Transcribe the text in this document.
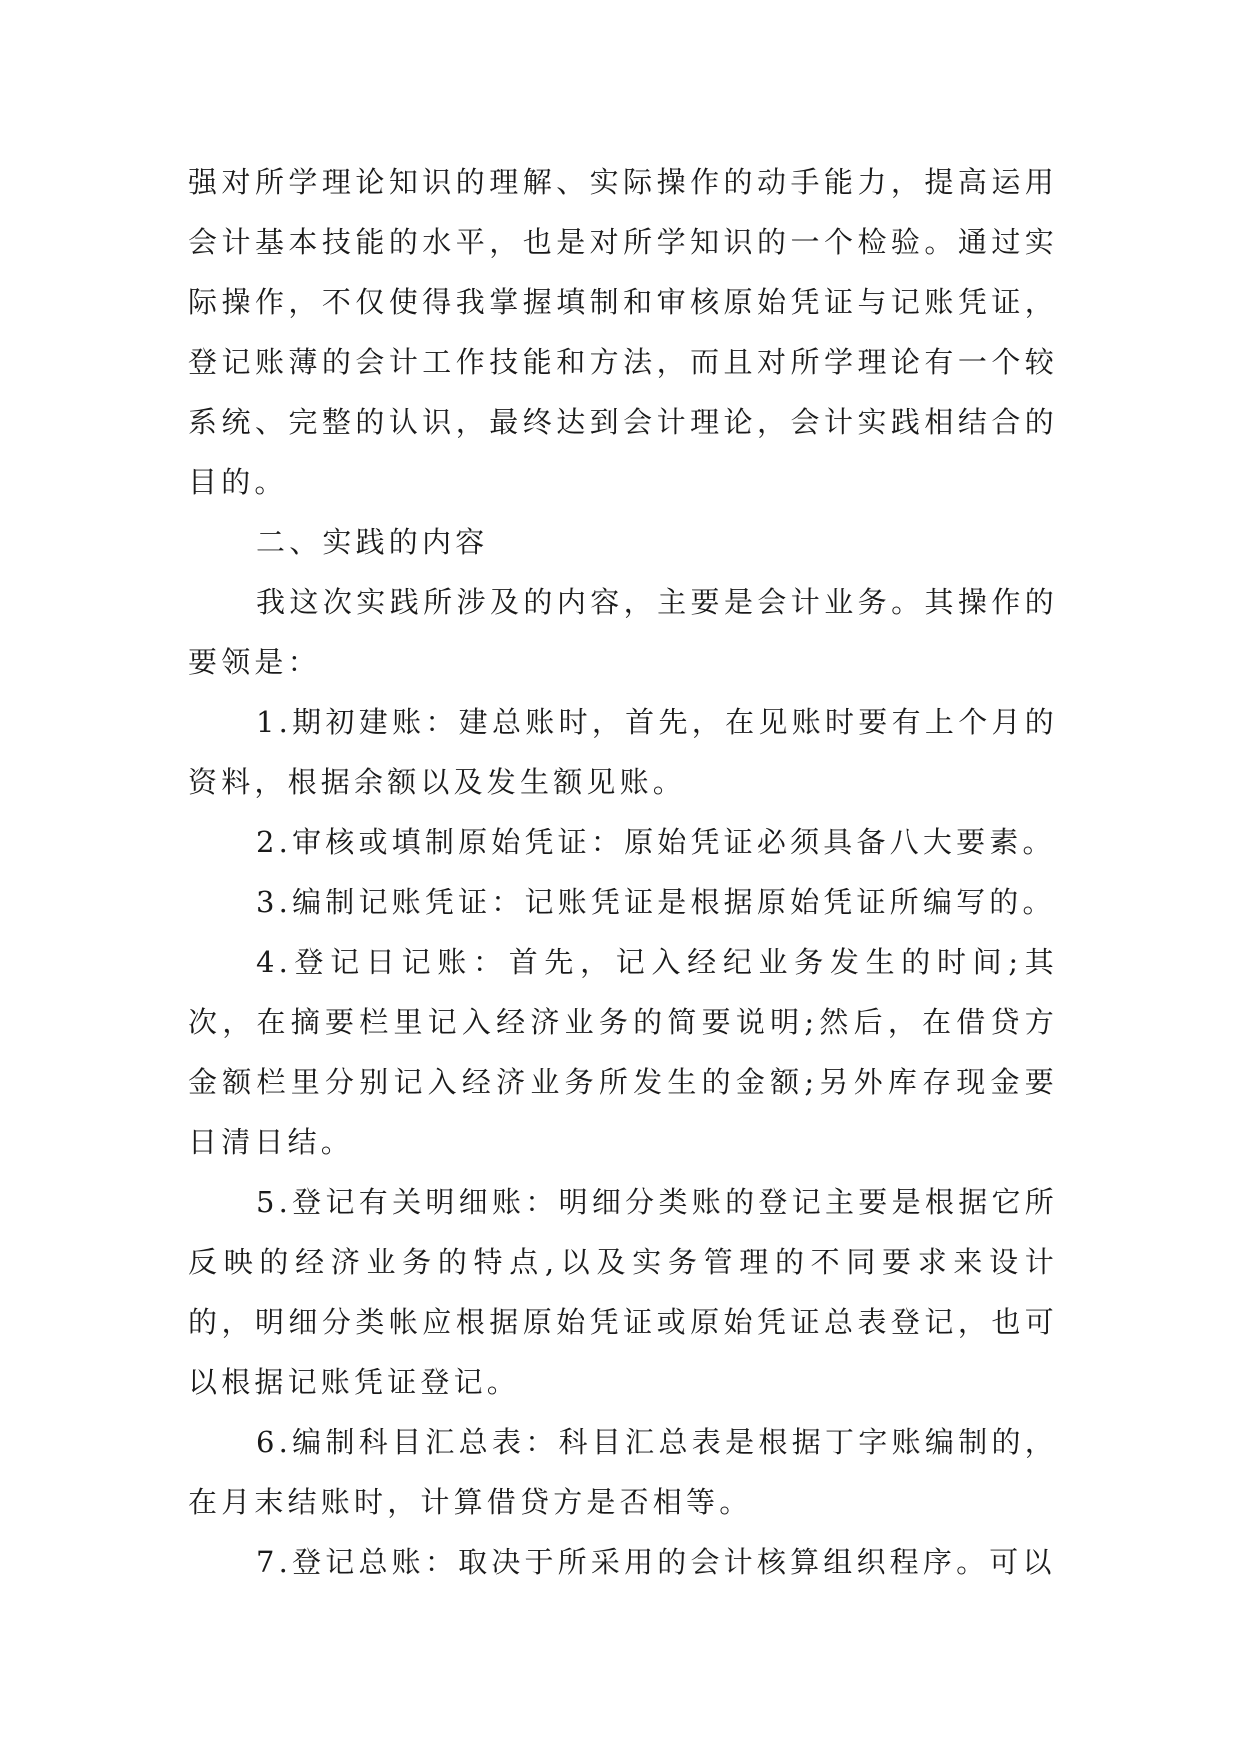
强对所学理论知识的理解、实际操作的动手能力，提高运用会计基本技能的水平，也是对所学知识的一个检验。通过实际操作，不仅使得我掌握填制和审核原始凭证与记账凭证，登记账薄的会计工作技能和方法，而且对所学理论有一个较系统、完整的认识，最终达到会计理论，会计实践相结合的目的。

二、实践的内容

我这次实践所涉及的内容，主要是会计业务。其操作的要领是：

1.期初建账：建总账时，首先，在见账时要有上个月的资料，根据余额以及发生额见账。

2.审核或填制原始凭证：原始凭证必须具备八大要素。

3.编制记账凭证：记账凭证是根据原始凭证所编写的。

4.登记日记账：首先，记入经纪业务发生的时间;其次，在摘要栏里记入经济业务的简要说明;然后，在借贷方金额栏里分别记入经济业务所发生的金额;另外库存现金要日清日结。

5.登记有关明细账：明细分类账的登记主要是根据它所反映的经济业务的特点,以及实务管理的不同要求来设计的，明细分类帐应根据原始凭证或原始凭证总表登记，也可以根据记账凭证登记。

6.编制科目汇总表：科目汇总表是根据丁字账编制的，在月末结账时，计算借贷方是否相等。

7.登记总账：取决于所采用的会计核算组织程序。可以
